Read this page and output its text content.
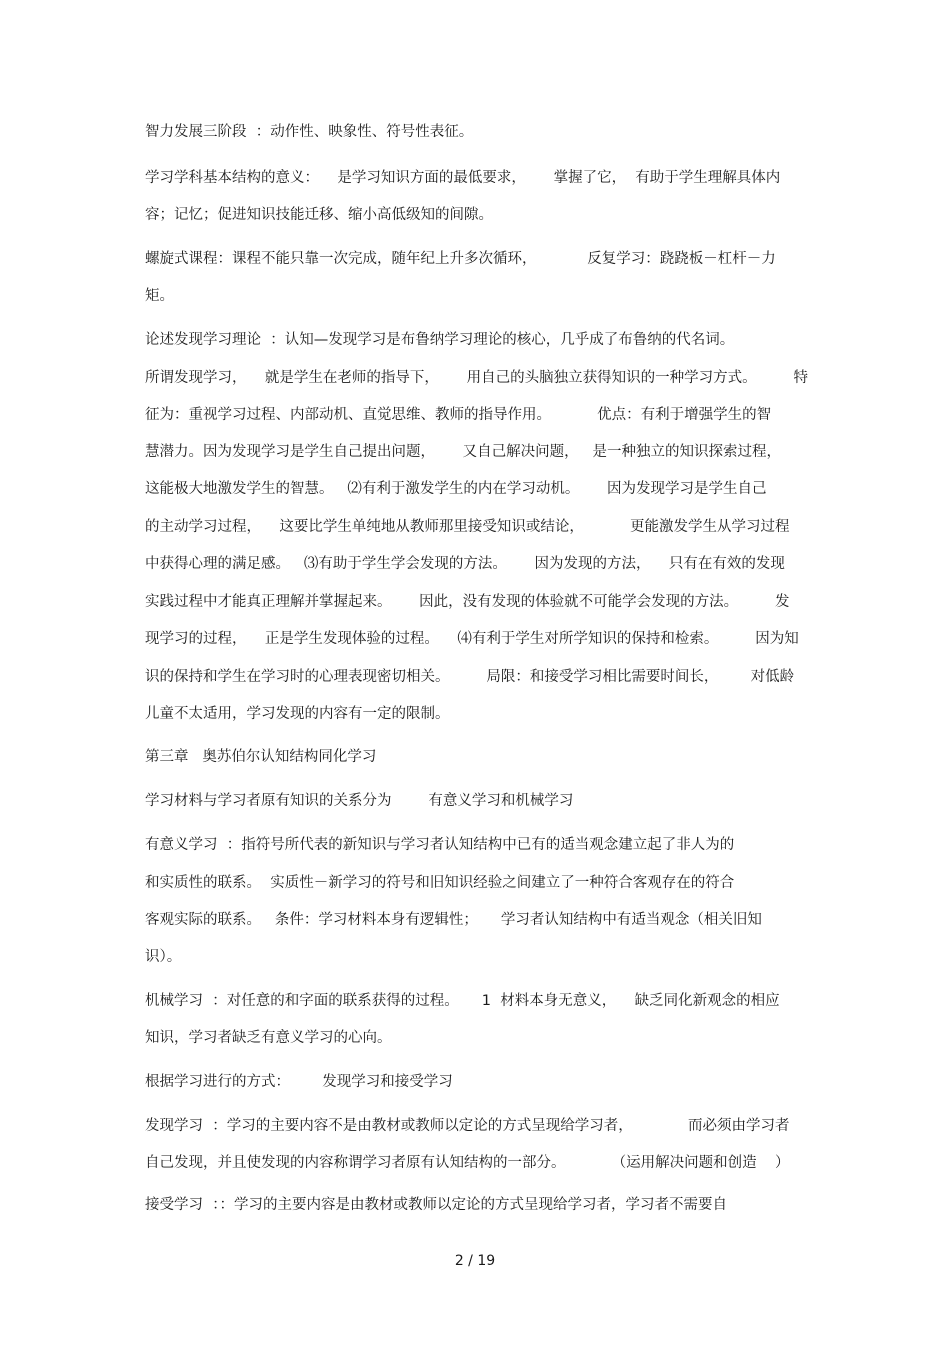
智力发展三阶段  ：动作性、映象性、符号性表征。
学习学科基本结构的意义：    是学习知识方面的最低要求，      掌握了它，  有助于学生理解具体内
容；记忆；促进知识技能迁移、缩小高低级知的间隙。
螺旋式课程：课程不能只靠一次完成，随年纪上升多次循环，           反复学习：跷跷板－杠杆－力
矩。
论述发现学习理论  ：认知—发现学习是布鲁纳学习理论的核心，几乎成了布鲁纳的代名词。
所谓发现学习，    就是学生在老师的指导下，      用自己的头脑独立获得知识的一种学习方式。        特
征为：重视学习过程、内部动机、直觉思维、教师的指导作用。          优点：有利于增强学生的智
慧潜力。因为发现学习是学生自己提出问题，      又自己解决问题，   是一种独立的知识探索过程，
这能极大地激发学生的智慧。   ⑵有利于激发学生的内在学习动机。      因为发现学习是学生自己
的主动学习过程，    这要比学生单纯地从教师那里接受知识或结论，          更能激发学生从学习过程
中获得心理的满足感。   ⑶有助于学生学会发现的方法。      因为发现的方法，    只有在有效的发现
实践过程中才能真正理解并掌握起来。      因此，没有发现的体验就不可能学会发现的方法。        发
现学习的过程，    正是学生发现体验的过程。    ⑷有利于学生对所学知识的保持和检索。        因为知
识的保持和学生在学习时的心理表现密切相关。        局限：和接受学习相比需要时间长，       对低龄
儿童不太适用，学习发现的内容有一定的限制。
第三章   奥苏伯尔认知结构同化学习
学习材料与学习者原有知识的关系分为        有意义学习和机械学习
有意义学习  ：指符号所代表的新知识与学习者认知结构中已有的适当观念建立起了非人为的
和实质性的联系。  实质性－新学习的符号和旧知识经验之间建立了一种符合客观存在的符合
客观实际的联系。   条件：学习材料本身有逻辑性；     学习者认知结构中有适当观念（相关旧知
识）。
机械学习  ：对任意的和字面的联系获得的过程。     1  材料本身无意义，    缺乏同化新观念的相应
知识，学习者缺乏有意义学习的心向。
根据学习进行的方式：       发现学习和接受学习
发现学习  ：学习的主要内容不是由教材或教师以定论的方式呈现给学习者，            而必须由学习者
自己发现，并且使发现的内容称谓学习者原有认知结构的一部分。          （运用解决问题和创造    ）
接受学习  ：：学习的主要内容是由教材或教师以定论的方式呈现给学习者，学习者不需要自
2 / 19
